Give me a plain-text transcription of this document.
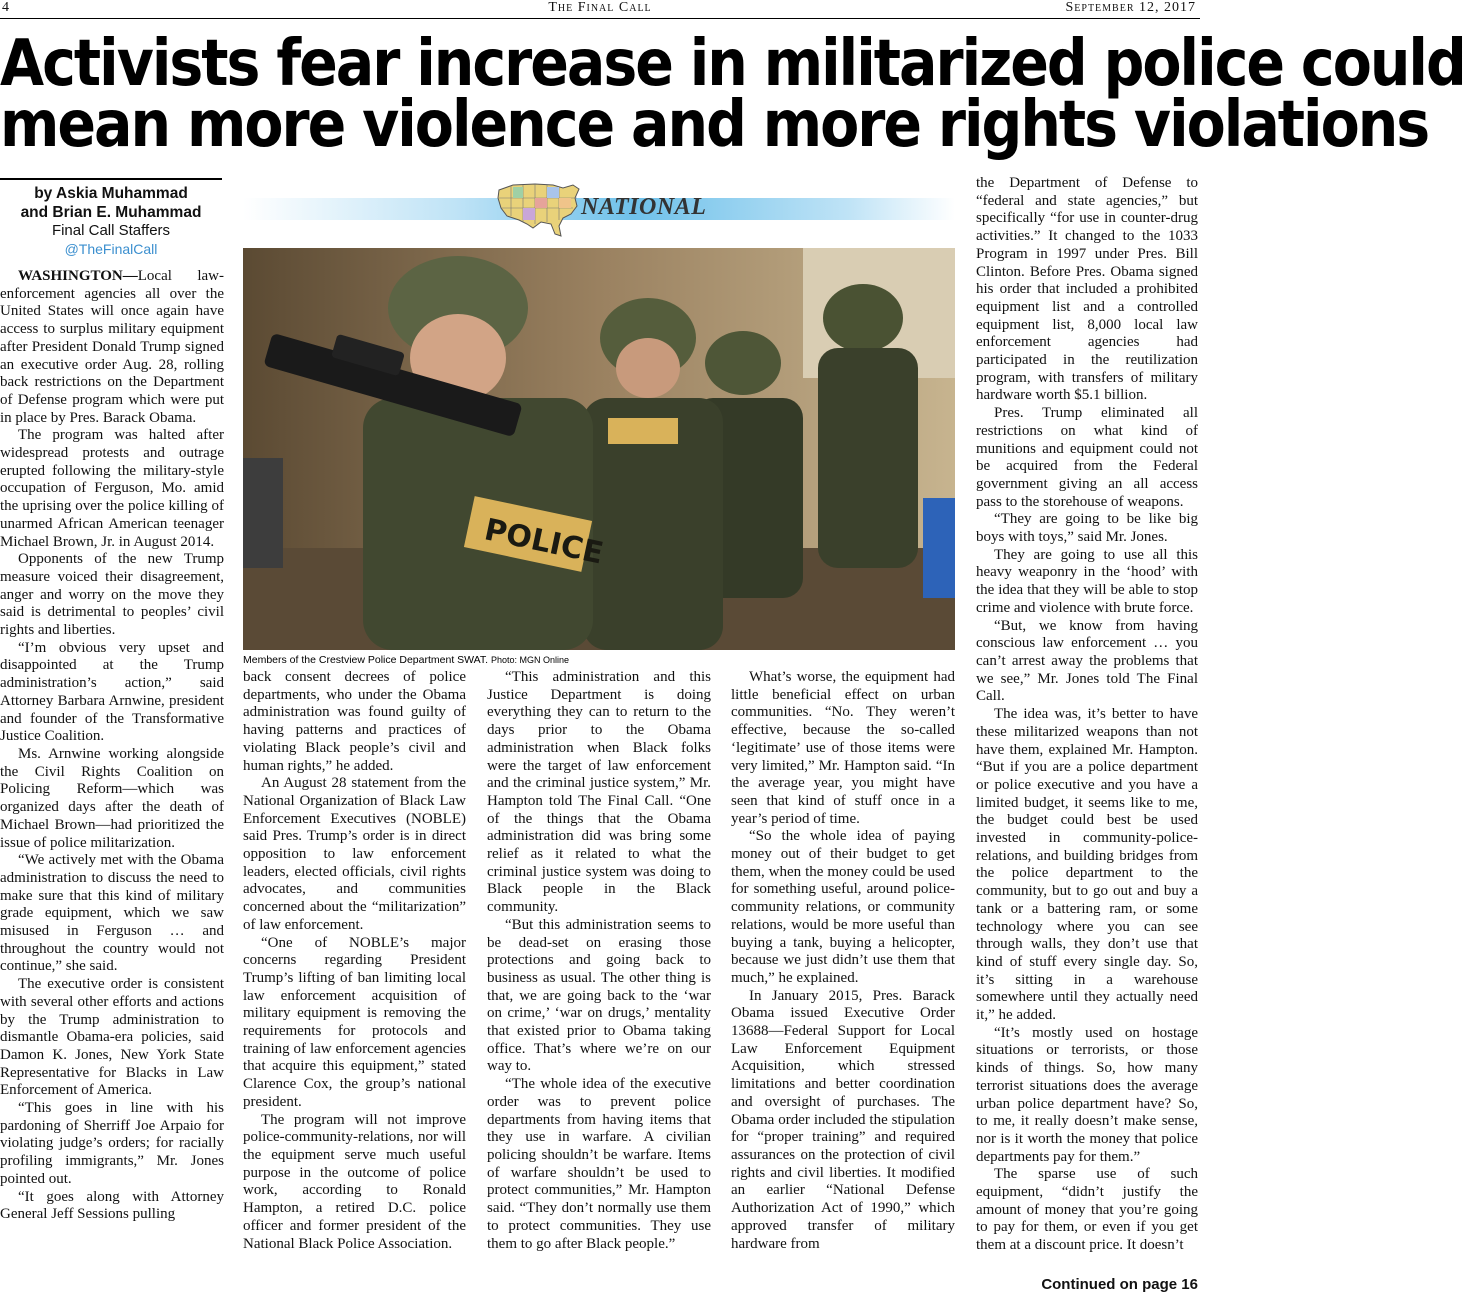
4	The Final Call	September 12, 2017
Activists fear increase in militarized police could
mean more violence and more rights violations
by Askia Muhammad
and Brian E. Muhammad
Final Call Staffers
@TheFinalCall

WASHINGTON—Local law-enforcement agencies all over the United States will once again have access to surplus military equipment after President Donald Trump signed an executive order Aug. 28, rolling back restrictions on the Department of Defense program which were put in place by Pres. Barack Obama.

The program was halted after widespread protests and outrage erupted following the military-style occupation of Ferguson, Mo. amid the uprising over the police killing of unarmed African American teenager Michael Brown, Jr. in August 2014.

Opponents of the new Trump measure voiced their disagreement, anger and worry on the move they said is detrimental to peoples’ civil rights and liberties.

“I’m obvious very upset and disappointed at the Trump administration’s action,” said Attorney Barbara Arnwine, president and founder of the Transformative Justice Coalition.

Ms. Arnwine working alongside the Civil Rights Coalition on Policing Reform—which was organized days after the death of Michael Brown—had prioritized the issue of police militarization.

“We actively met with the Obama administration to discuss the need to make sure that this kind of military grade equipment, which we saw misused in Ferguson … and throughout the country would not continue,” she said.

The executive order is consistent with several other efforts and actions by the Trump administration to dismantle Obama-era policies, said Damon K. Jones, New York State Representative for Blacks in Law Enforcement of America.

“This goes in line with his pardoning of Sherriff Joe Arpaio for violating judge’s orders; for racially profiling immigrants,” Mr. Jones pointed out.

“It goes along with Attorney General Jeff Sessions pulling

NATIONAL
POLICE
Members of the Crestview Police Department SWAT. Photo: MGN Online

back consent decrees of police departments, who under the Obama administration was found guilty of having patterns and practices of violating Black people’s civil and human rights,” he added.

An August 28 statement from the National Organization of Black Law Enforcement Executives (NOBLE) said Pres. Trump’s order is in direct opposition to law enforcement leaders, elected officials, civil rights advocates, and communities concerned about the “militarization” of law enforcement.

“One of NOBLE’s major concerns regarding President Trump’s lifting of ban limiting local law enforcement acquisition of military equipment is removing the requirements for protocols and training of law enforcement agencies that acquire this equipment,” stated Clarence Cox, the group’s national president.

The program will not improve police-community-relations, nor will the equipment serve much useful purpose in the outcome of police work, according to Ronald Hampton, a retired D.C. police officer and former president of the National Black Police Association.

“This administration and this Justice Department is doing everything they can to return to the days prior to the Obama administration when Black folks were the target of law enforcement and the criminal justice system,” Mr. Hampton told The Final Call. “One of the things that the Obama administration did was bring some relief as it related to what the criminal justice system was doing to Black people in the Black community.

“But this administration seems to be dead-set on erasing those protections and going back to business as usual. The other thing is that, we are going back to the ‘war on crime,’ ‘war on drugs,’ mentality that existed prior to Obama taking office. That’s where we’re on our way to.

“The whole idea of the executive order was to prevent police departments from having items that they use in warfare. A civilian policing shouldn’t be warfare. Items of warfare shouldn’t be used to protect communities,” Mr. Hampton said. “They don’t normally use them to protect communities. They use them to go after Black people.”

What’s worse, the equipment had little beneficial effect on urban communities. “No. They weren’t effective, because the so-called ‘legitimate’ use of those items were very limited,” Mr. Hampton said. “In the average year, you might have seen that kind of stuff once in a year’s period of time.

“So the whole idea of paying money out of their budget to get them, when the money could be used for something useful, around police-community relations, or community relations, would be more useful than buying a tank, buying a helicopter, because we just didn’t use them that much,” he explained.

In January 2015, Pres. Barack Obama issued Executive Order 13688—Federal Support for Local Law Enforcement Equipment Acquisition, which stressed limitations and better coordination and oversight of purchases. The Obama order included the stipulation for “proper training” and required assurances on the protection of civil rights and civil liberties. It modified an earlier “National Defense Authorization Act of 1990,” which approved transfer of military hardware from

the Department of Defense to “federal and state agencies,” but specifically “for use in counter-drug activities.” It changed to the 1033 Program in 1997 under Pres. Bill Clinton. Before Pres. Obama signed his order that included a prohibited equipment list and a controlled equipment list, 8,000 local law enforcement agencies had participated in the reutilization program, with transfers of military hardware worth $5.1 billion.

Pres. Trump eliminated all restrictions on what kind of munitions and equipment could not be acquired from the Federal government giving an all access pass to the storehouse of weapons.

“They are going to be like big boys with toys,” said Mr. Jones.

They are going to use all this heavy weaponry in the ‘hood’ with the idea that they will be able to stop crime and violence with brute force.

“But, we know from having conscious law enforcement … you can’t arrest away the problems that we see,” Mr. Jones told The Final Call.

The idea was, it’s better to have these militarized weapons than not have them, explained Mr. Hampton. “But if you are a police department or police executive and you have a limited budget, it seems like to me, the budget could best be used invested in community-police-relations, and building bridges from the police department to the community, but to go out and buy a tank or a battering ram, or some technology where you can see through walls, they don’t use that kind of stuff every single day. So, it’s sitting in a warehouse somewhere until they actually need it,” he added.

“It’s mostly used on hostage situations or terrorists, or those kinds of things. So, how many terrorist situations does the average urban police department have? So, to me, it really doesn’t make sense, nor is it worth the money that police departments pay for them.”

The sparse use of such equipment, “didn’t justify the amount of money that you’re going to pay for them, or even if you get them at a discount price. It doesn’t

Continued on page 16
